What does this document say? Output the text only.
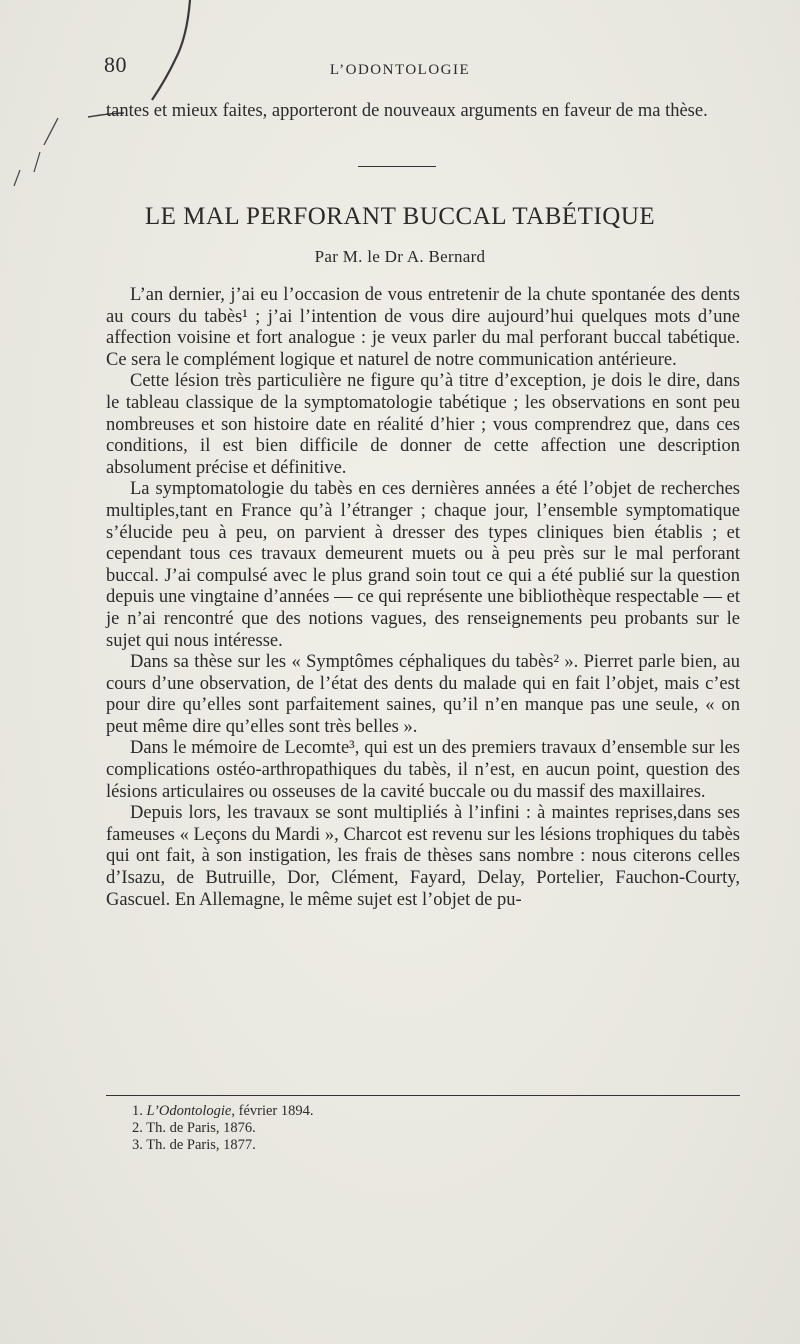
80	L’ODONTOLOGIE
tantes et mieux faites, apporteront de nouveaux arguments en faveur de ma thèse.
LE MAL PERFORANT BUCCAL TABÉTIQUE
Par M. le Dr A. Bernard

L’an dernier, j’ai eu l’occasion de vous entretenir de la chute spontanée des dents au cours du tabès¹ ; j’ai l’intention de vous dire aujourd’hui quelques mots d’une affection voisine et fort analogue : je veux parler du mal perforant buccal tabétique. Ce sera le complément logique et naturel de notre communication antérieure.

Cette lésion très particulière ne figure qu’à titre d’exception, je dois le dire, dans le tableau classique de la symptomatologie tabétique ; les observations en sont peu nombreuses et son histoire date en réalité d’hier ; vous comprendrez que, dans ces conditions, il est bien difficile de donner de cette affection une description absolument précise et définitive.

La symptomatologie du tabès en ces dernières années a été l’objet de recherches multiples,tant en France qu’à l’étranger ; chaque jour, l’ensemble symptomatique s’élucide peu à peu, on parvient à dresser des types cliniques bien établis ; et cependant tous ces travaux demeurent muets ou à peu près sur le mal perforant buccal. J’ai compulsé avec le plus grand soin tout ce qui a été publié sur la question depuis une vingtaine d’années — ce qui représente une bibliothèque respectable — et je n’ai rencontré que des notions vagues, des renseignements peu probants sur le sujet qui nous intéresse.

Dans sa thèse sur les « Symptômes céphaliques du tabès² ». Pierret parle bien, au cours d’une observation, de l’état des dents du malade qui en fait l’objet, mais c’est pour dire qu’elles sont parfaitement saines, qu’il n’en manque pas une seule, « on peut même dire qu’elles sont très belles ».

Dans le mémoire de Lecomte³, qui est un des premiers travaux d’ensemble sur les complications ostéo-arthropathiques du tabès, il n’est, en aucun point, question des lésions articulaires ou osseuses de la cavité buccale ou du massif des maxillaires.

Depuis lors, les travaux se sont multipliés à l’infini : à maintes reprises,dans ses fameuses « Leçons du Mardi », Charcot est revenu sur les lésions trophiques du tabès qui ont fait, à son instigation, les frais de thèses sans nombre : nous citerons celles d’Isazu, de Butruille, Dor, Clément, Fayard, Delay, Portelier, Fauchon-Courty, Gascuel. En Allemagne, le même sujet est l’objet de pu-

1. L’Odontologie, février 1894.
2. Th. de Paris, 1876.
3. Th. de Paris, 1877.
